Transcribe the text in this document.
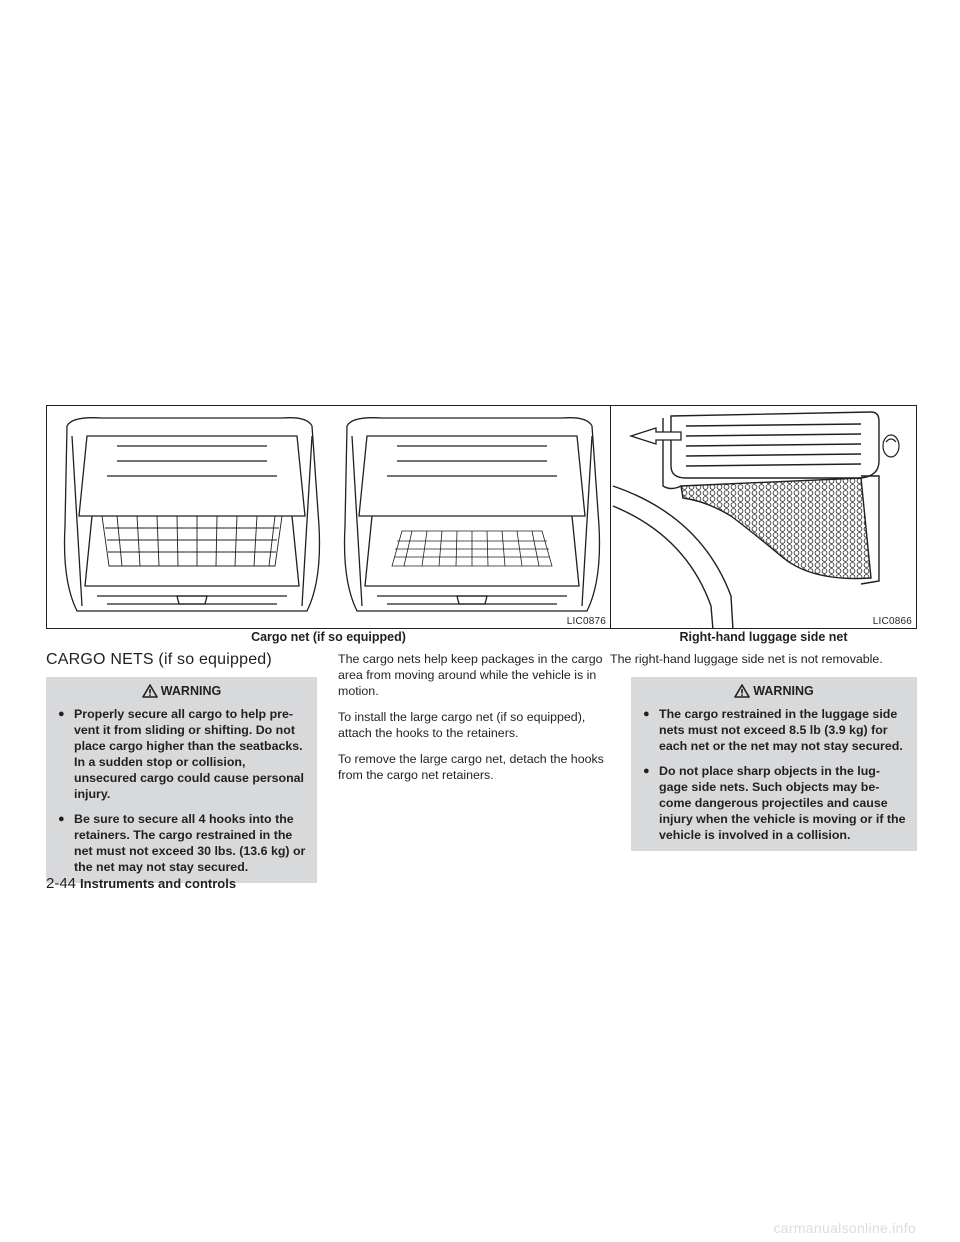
LIC0876	LIC0866
Cargo net (if so equipped)	Right-hand luggage side net
CARGO NETS (if so equipped)
WARNING
● Properly secure all cargo to help pre-vent it from sliding or shifting. Do not place cargo higher than the seatbacks. In a sudden stop or collision, unsecured cargo could cause personal injury.
● Be sure to secure all 4 hooks into the retainers. The cargo restrained in the net must not exceed 30 lbs. (13.6 kg) or the net may not stay secured.

The cargo nets help keep packages in the cargo area from moving around while the vehicle is in motion.

To install the large cargo net (if so equipped), attach the hooks to the retainers.

To remove the large cargo net, detach the hooks from the cargo net retainers.

The right-hand luggage side net is not removable.
WARNING
● The cargo restrained in the luggage side nets must not exceed 8.5 lb (3.9 kg) for each net or the net may not stay secured.
● Do not place sharp objects in the lug-gage side nets. Such objects may be-come dangerous projectiles and cause injury when the vehicle is moving or if the vehicle is involved in a collision.
2-44 Instruments and controls
carmanualsonline.info
